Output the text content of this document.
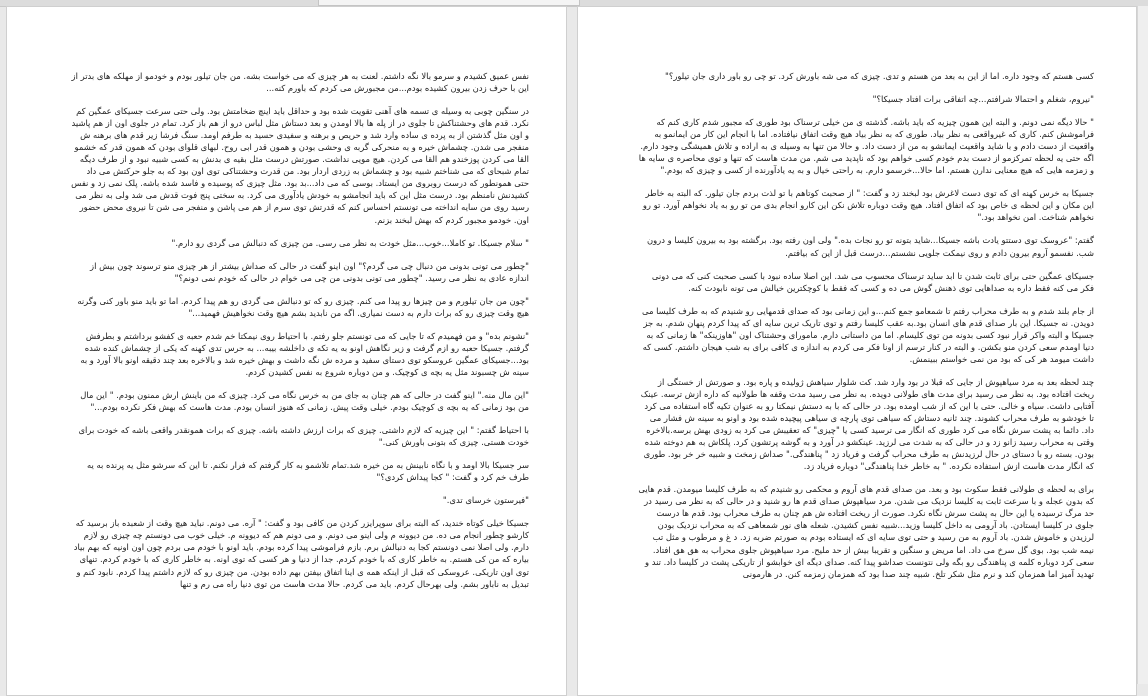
نفس عمیق کشیدم و سرمو بالا نگه داشتم. لعنت به هر چیزی که می خواست بشه. من جان تیلور بودم و خودمو از مهلکه های بدتر از این با حرف زدن بیرون کشیده بودم...من مجبورش می کردم که باورم کنه...

در سنگین چوبی به وسیله ی تسمه های آهنی تقویت شده بود و حداقل باید اینچ ضخامتش بود. ولی حتی سرعت جسیکای عمگین کم نکرد. قدم های وحشتناکش تا جلوی در از پله ها بالا اومدن و بعد دستاش مثل لباس درو از هم باز کرد. تمام در جلوی اون از هم پاشید و اون مثل گذشتن از به پرده ی ساده وارد شد و حریص و برهنه و سفیدی حسید به طرفم اومد. سنگ فرشا زیر قدم های برهنه ش منفجر می شدن. چشماش خیره و به منحرکی گربه ی وحشی بودن و همون قدر ابی روح. لبهای قلوای بودن که همون قدر که خشمو القا می کردن پوزخندو هم القا می کردن. هیچ مویی نداشت. صورتش درست مثل بقیه ی بدنش به کسی شبیه نبود و از طرف دیگه تمام شبحای که می شناختم شبیه بود و چشماش به زردی اردار بود. من قدرت وحشتناکی توی اون بود که به جلو حرکتش می داد حتی همونطور که درست روبروی من ایستاد. بوسی که می داد...بد بود. مثل چیزی که پوسیده و فاسد شده باشه. پلک نمی زد و نفس کشیدنش نامنظم بود. درست مثل این که باید انجامشو به خودش یادآوری می کرد. به سختی پنج فوت قدش می شد ولی به نظر می رسید روی من سایه انداخته می تونستم احساس کنم که قدرتش توی سرم از هم می پاشن و منفجر می شن تا نیروی محض حضور اون. خودمو مجبور کردم که بهش لبخند بزنم.

" سلام جسیکا. تو کاملا...خوب...مثل خودت به نظر می رسی. من چیزی که دنبالش می گردی رو دارم."

"چطور می تونی بدونی من دنبال چی می گردم؟" اون اینو گفت در حالی که صداش بیشتر از هر چیزی منو ترسوند چون بیش از اندازه عادی به نظر می رسید. "چطور می تونی بدونی من چی می خوام در حالی که خودم نمی دونم؟"

"چون من جان تیلورم و من چیزها رو پیدا می کنم. چیزی رو که تو دنبالش می گردی رو هم پیدا کردم. اما تو باید منو باور کنی وگرنه هیچ وقت چیزی رو که برات دارم به دست نمیاری. اگه من نابدید بشم هیچ وقت نخواهیش فهمید..."

"نشونم بده" و من فهمیدم که تا جایی که می تونستم جلو رفتم. با احتیاط روی نیمکتا خم شدم حعبه ی کفشو برداشتم و بطرفش گرفتم. جسیکا حعبه رو ازم گرفت و زیر نگاهش اونو به یه تکه ی داخلشه بیبه... به حرس تدی کهنه که یکی از چشماش کنده شده بود...جسیکای عمگین عروسکو توی دستای سفید و مرده ش نگه داشت و بهش خیره شد و بالاخره بعد چند دقیقه اونو بالا آورد و به سینه ش چسبوند مثل یه بچه ی کوچیک. و من دوباره شروع به نفس کشیدن کردم.

"این مال منه." اینو گفت در حالی که هم چنان به جای من به خرس نگاه می کرد. چیزی که من باینش ارش ممنون بودم. " این مال من بود زمانی که یه بچه ی کوچیک بودم. خیلی وقت پیش. زمانی که هنوز انسان بودم. مدت هاست که بهش فکر نکرده بودم..."

با احتیاط گفتم: " این چیزیه که لازم داشتی. چیزی که برات ارزش داشته باشه. چیزی که برات همونقدر واقعی باشه که خودت برای خودت هستی. چیزی که بتونی باورش کنی."

سر جسیکا بالا اومد و با نگاه نابینش به من خیره شد.تمام تلاشمو به کار گرفتم که فرار نکنم. تا این که سرشو مثل یه پرنده به یه طرف خم کرد و گفت: " کجا پیداش کردی؟"

"فیرستون خرسای تدی."

جسیکا خیلی کوتاه خندید، که البته برای سوپرایزر کردن من کافی بود و گفت: " آره. می دونم. نباید هیچ وقت از شعبده باز برسید که کارشو چطور انجام می ده. من دیوونه م ولی اینو می دونم. و می دونم هم که دیوونه م. خیلی خوب می دونستم چه چیزی رو لازم دارم. ولی اصلا نمی دونستم کجا به دنبالش برم. بازم فراموشی پیدا کرده بودم. باید اونو با خودم می بردم چون اون اونیه که بهم بیاد بیاره که من کی هستم. به خاطر کاری که با خودم کردم. جدا از دنیا و هر کسی که توی اونه. به خاطر کاری که با خودم کردم. تنهای توی اون تاریکی. عروسکی که قبل از اینکه همه ی اینا اتفاق بیفتن بهم داده بودن. من چیزی رو که لازم داشتم پیدا کردم. نابود کنم و تبدیل به ناباور بشم. ولی بهرحال کردم. باید می کردم. حالا مدت هاست من توی دنیا راه می رم و تنها

کسی هستم که وجود داره. اما از این به بعد من هستم و تدی. چیزی که می شه باورش کرد. تو چی رو باور داری جان تیلور؟"

"نیروم، شغلم و احتمالا شرافتم...چه اتفاقی برات افتاد جسیکا؟"

" حالا دیگه نمی دونم. و البته این همون چیزیه که باید باشه. گذشته ی من خیلی ترسناک بود طوری که مجبور شدم کاری کنم که فراموشش کنم. کاری که غیرواقعی به نظر بیاد. طوری که به نظر بیاد هیچ وقت اتفاق نیافتاده. اما با انجام این کار من ایمانمو به واقعیت از دست دادم و با شاید واقعیت ایمانشو به من از دست داد. و حالا من تنها به وسیله ی به اراده و تلاش همیشگی وجود دارم. اگه حتی یه لحظه تمرکزمو از دست بدم خودم کسی خواهم بود که ناپدید می شم. من مدت هاست که تنها و توی محاصره ی سایه ها و زمزمه هایی که هیچ معنایی ندارن هستم. اما حالا...خرسمو دارم. به راحتی خیال و به یه یادآورنده از کسی و چیزی که بودم."

جسیکا به خرس کهنه ای که توی دست لاغرش بود لبخند زد و گفت: " از صحبت کوتاهم با تو لذت بردم جان تیلور. که البته به خاطر این مکان و این لحظه ی خاص بود که اتفاق افتاد. هیچ وقت دوباره تلاش نکن این کارو انجام بدی من تو رو به یاد نخواهم آورد. تو رو نخواهم شناخت. امن نخواهد بود."

گفتم: "عروسک توی دستتو یادت باشه جسیکا...شاید بتونه تو رو نجات بده." ولی اون رفته بود. برگشته بود به بیرون کلیسا و درون شب. نفسمو آروم بیرون دادم و روی نیمکت جلویی نشستم...درست قبل از این که بیافتم.

جسیکای عمگین حتی برای ثابت شدن تا ابد ساید ترسناک محسوب می شد. این اصلا ساده نبود با کسی صحبت کنی که می دونی فکر می کنه فقط داره به صداهایی توی ذهنش گوش می ده و کسی که فقط با کوچکترین خیالش می تونه نابودت کنه.

از جام بلند شدم و به طرف محراب رفتم تا شمعامو جمع کنم...و این زمانی بود که صدای قدمهایی رو شنیدم که به طرف کلیسا می دویدن. نه جسیکا. این بار صدای قدم های انسان بود.به عقب کلیسا رفتم و توی تاریک ترین سایه ای که پیدا کردم پنهان شدم. به جز جسیکا و البته واکر قرار نبود کسی بدونه من توی کلیسام. اما من داستانی دارم. مامورای وحشتناک اون "هاوزینکه" ها زمانی که به دنیا اومدم سعی کردن منو بکشن. و البته در کنار ترسم از اونا فکر می کردم به اندازه ی کافی برای به شب هیجان داشتم. کسی که داشت میومد هر کی که بود من نمی خواستم ببینمش.

چند لحظه بعد به مرد سیاهپوش از جایی که قبلا در بود وارد شد. کت شلوار سیاهش ژولیده و پاره بود. و صورتش از خستگی از ریخت افتاده بود. به نظر می رسید برای مدت های طولانی دویده. به نظر می رسید مدت وقفه ها طولانیه که داره ازش ترسه. عینک آفتابی داشت. سیاه و خالی. حتی با این که از شب اومده بود. در حالی که با به دستش نیمکتا رو به عنوان تکیه گاه استفاده می کرد تا خودشو به طرف محراب کشوند. چند ثانیه دستاش که سیاهی توی پارچه ی سیاهی پیچیده شده بود و اونو به سینه ش فشار می داد. دائما به پشت سرش نگاه می کرد طوری که انگار می ترسید کسی یا "چیزی" که تعقیبش می کرد به زودی بهش برسه.بالاخره وقتی به محراب رسید زانو زد و در حالی که به شدت می لرزید. عینکشو در آورد و به گوشه پرتشون کرد. پلکاش به هم دوخته شده بودن. بسته رو با دستای در حال لرزیدنش به طرف محراب گرفت و فریاد زد " پناهندگی." صداش زمخت و شبیه خر خر بود. طوری که انگار مدت هاست ازش استفاده نکرده. " به خاطر خدا پناهندگی" دوباره فریاد زد.

برای به لحظه ی طولانی فقط سکوت بود و بعد. من صدای قدم های آروم و محکمی رو شنیدم که به طرف کلیسا میومدن. قدم هایی که بدون عجله و با سرعت ثابت به کلیسا نزدیک می شدن. مرد سیاهپوش صدای قدم ها رو شنید و در حالی که به نظر می رسید در حد مرگ ترسیده یا این حال به پشت سرش نگاه نکرد. صورت از ریخت افتاده ش هم چنان به طرف محراب بود. قدم ها درست جلوی در کلیسا ایستادن. باد آرومی به داخل کلیسا وزید...شبیه نفس کشیدن. شعله های نور شمعاهی که به محراب نزدیک بودن لرزیدن و خاموش شدن. باد آروم به من رسید و حتی توی سایه ای که ایستاده بودم به صورتم ضربه زد. د غ و مرطوب و مثل تب نیمه شب بود. بوی گل سرخ می داد. اما مریض و سنگین و تقریبا بیش از حد ملیح. مرد سیاهپوش جلوی محراب به هق هق افتاد. سعی کرد دوباره کلمه ی پناهندگی رو بگه ولی نتونست صداشو پیدا کنه. صدای دیگه ای خوابشو از تاریکی پشت در کلیسا داد. تند و تهدید آمیز اما همزمان کند و نرم مثل شکر تلخ. شبیه چند صدا بود که همزمان زمزمه کنن. در هارمونی
